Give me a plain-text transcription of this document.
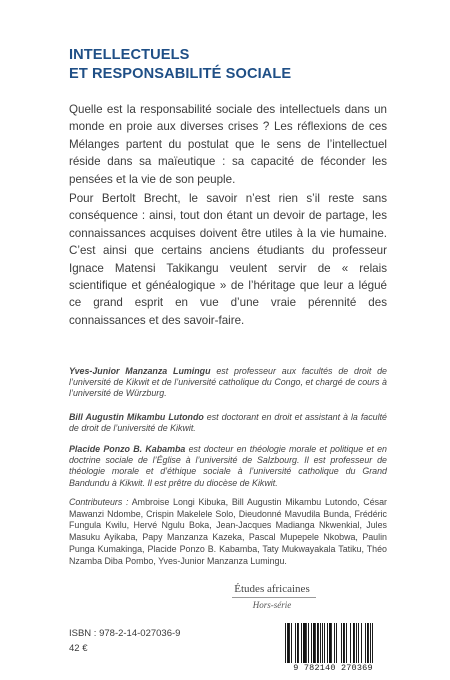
INTELLECTUELS
ET RESPONSABILITÉ SOCIALE

Quelle est la responsabilité sociale des intellectuels dans un monde en proie aux diverses crises ? Les réflexions de ces Mélanges partent du postulat que le sens de l’intellectuel réside dans sa maïeutique : sa capacité de féconder les pensées et la vie de son peuple.

Pour Bertolt Brecht, le savoir n’est rien s’il reste sans conséquence : ainsi, tout don étant un devoir de partage, les connaissances acquises doivent être utiles à la vie humaine. C’est ainsi que certains anciens étudiants du professeur Ignace Matensi Takikangu veulent servir de « relais scientifique et généalogique » de l’héritage que leur a légué ce grand esprit en vue d’une vraie pérennité des connaissances et des savoir-faire.

Yves-Junior Manzanza Lumingu est professeur aux facultés de droit de l’université de Kikwit et de l’université catholique du Congo, et chargé de cours à l’université de Würzburg.

Bill Augustin Mikambu Lutondo est doctorant en droit et assistant à la faculté de droit de l’université de Kikwit.

Placide Ponzo B. Kabamba est docteur en théologie morale et politique et en doctrine sociale de l’Église à l’université de Salzbourg. Il est professeur de théologie morale et d’éthique sociale à l’université catholique du Grand Bandundu à Kikwit. Il est prêtre du diocèse de Kikwit.

Contributeurs : Ambroise Longi Kibuka, Bill Augustin Mikambu Lutondo, César Mawanzi Ndombe, Crispin Makelele Solo, Dieudonné Mavudila Bunda, Frédéric Fungula Kwilu, Hervé Ngulu Boka, Jean-Jacques Madianga Nkwenkial, Jules Masuku Ayikaba, Papy Manzanza Kazeka, Pascal Mupepele Nkobwa, Paulin Punga Kumakinga, Placide Ponzo B. Kabamba, Taty Mukwayakala Tatiku, Théo Nzamba Diba Pombo, Yves-Junior Manzanza Lumingu.

Études africaines
Hors-série

ISBN : 978-2-14-027036-9

42 €

9 782140 270369
